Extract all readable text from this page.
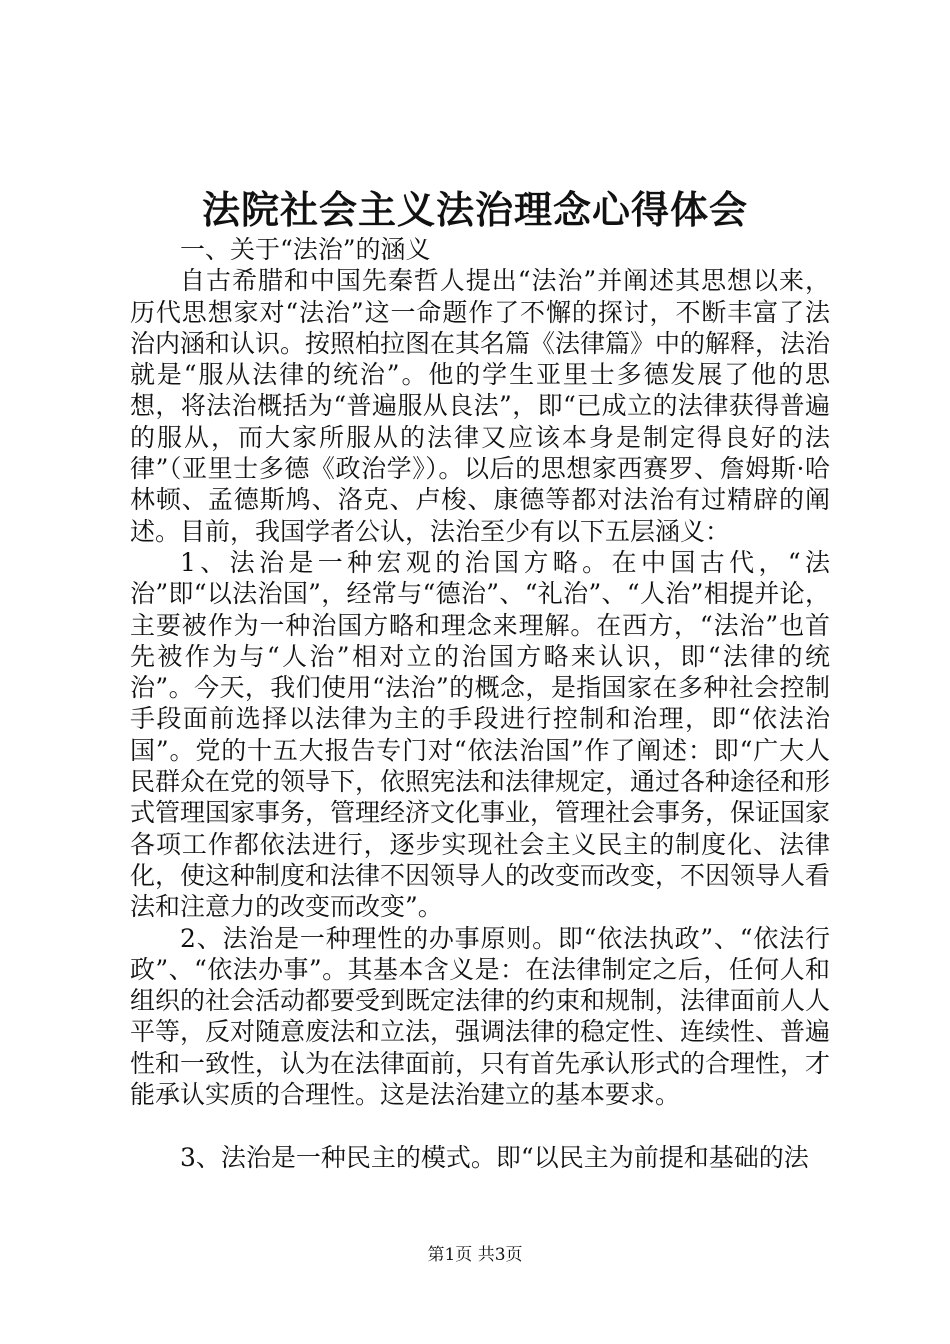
法院社会主义法治理念心得体会

一、关于“法治”的涵义

自古希腊和中国先秦哲人提出“法治”并阐述其思想以来，历代思想家对“法治”这一命题作了不懈的探讨，不断丰富了法治内涵和认识。按照柏拉图在其名篇《法律篇》中的解释，法治就是“服从法律的统治”。他的学生亚里士多德发展了他的思想，将法治概括为“普遍服从良法”，即“已成立的法律获得普遍的服从，而大家所服从的法律又应该本身是制定得良好的法律”（亚里士多德《政治学》）。以后的思想家西赛罗、詹姆斯·哈林顿、孟德斯鸠、洛克、卢梭、康德等都对法治有过精辟的阐述。目前，我国学者公认，法治至少有以下五层涵义：

1、法治是一种宏观的治国方略。在中国古代，“法治”即“以法治国”，经常与“德治”、“礼治”、“人治”相提并论，主要被作为一种治国方略和理念来理解。在西方，“法治”也首先被作为与“人治”相对立的治国方略来认识，即“法律的统治”。今天，我们使用“法治”的概念，是指国家在多种社会控制手段面前选择以法律为主的手段进行控制和治理，即“依法治国”。党的十五大报告专门对“依法治国”作了阐述：即“广大人民群众在党的领导下，依照宪法和法律规定，通过各种途径和形式管理国家事务，管理经济文化事业，管理社会事务，保证国家各项工作都依法进行，逐步实现社会主义民主的制度化、法律化，使这种制度和法律不因领导人的改变而改变，不因领导人看法和注意力的改变而改变”。

2、法治是一种理性的办事原则。即“依法执政”、“依法行政”、“依法办事”。其基本含义是：在法律制定之后，任何人和组织的社会活动都要受到既定法律的约束和规制，法律面前人人平等，反对随意废法和立法，强调法律的稳定性、连续性、普遍性和一致性，认为在法律面前，只有首先承认形式的合理性，才能承认实质的合理性。这是法治建立的基本要求。

3、法治是一种民主的模式。即“以民主为前提和基础的法

第1页 共3页
